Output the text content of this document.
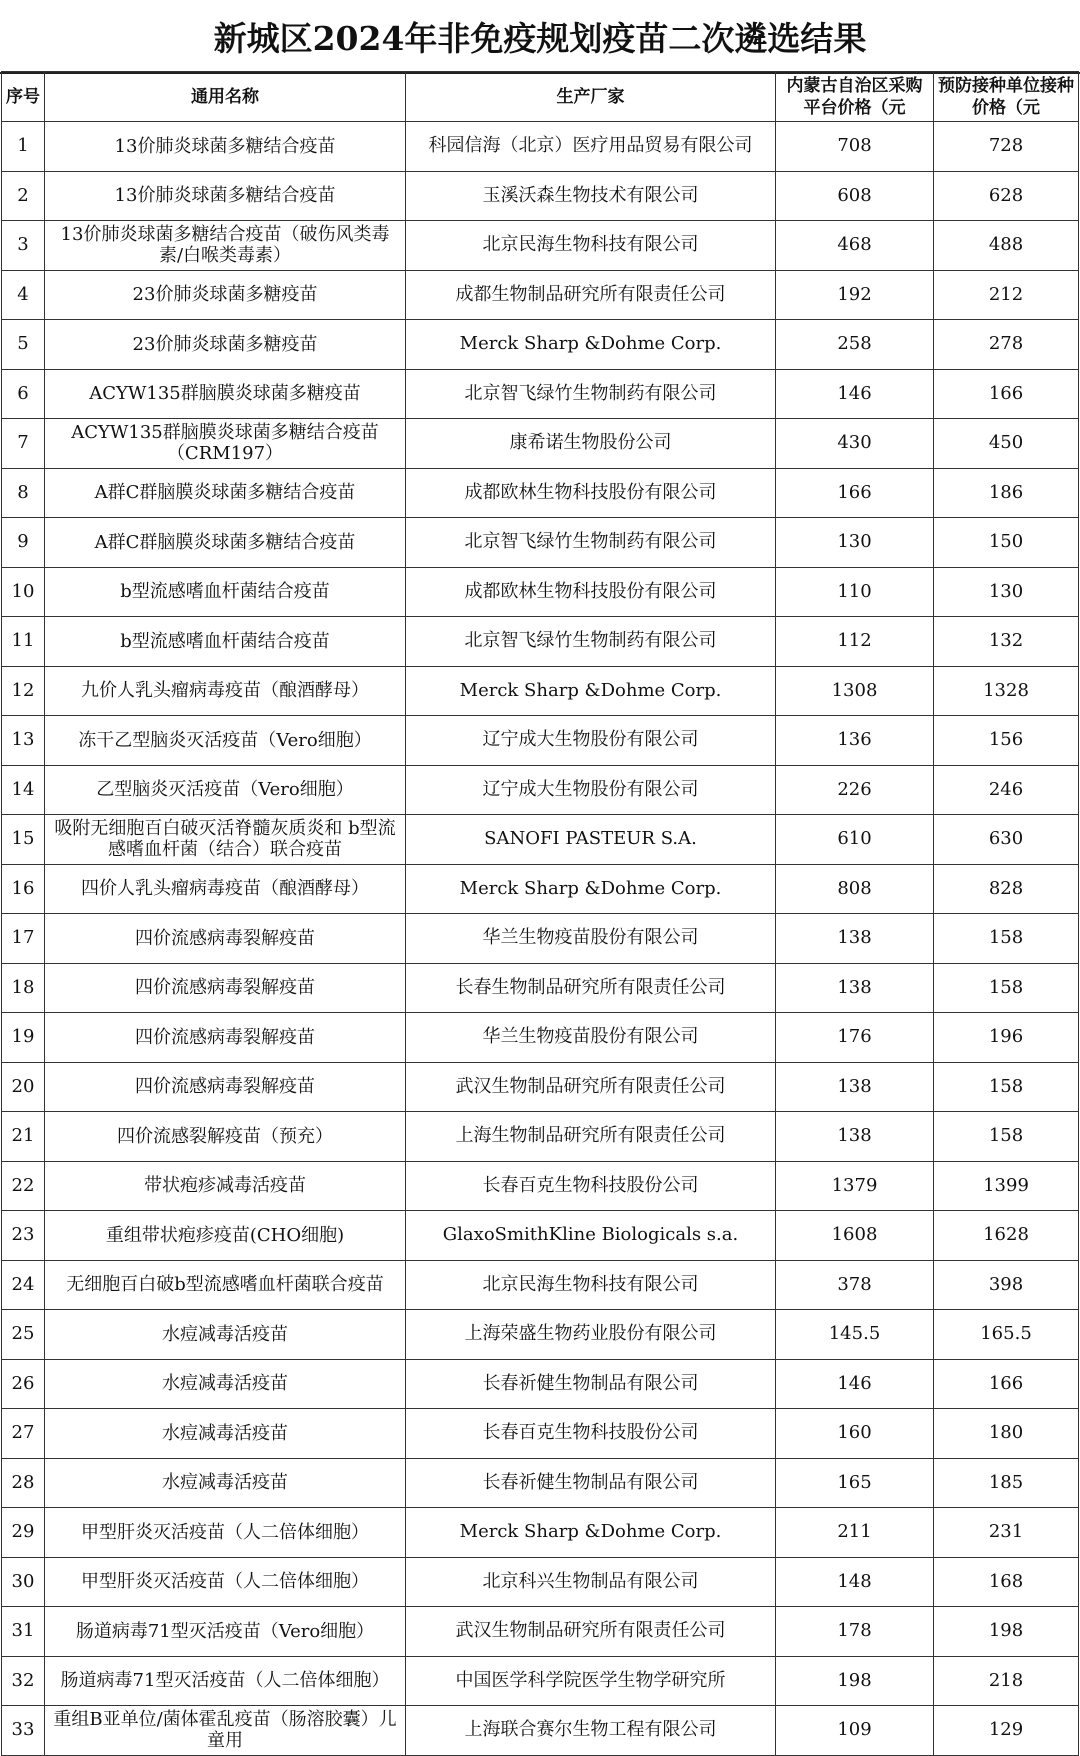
新城区2024年非免疫规划疫苗二次遴选结果
序号	通用名称	生产厂家	内蒙古自治区采购平台价格（元	预防接种单位接种价格（元

1	13价肺炎球菌多糖结合疫苗	科园信海（北京）医疗用品贸易有限公司	708	728

2	13价肺炎球菌多糖结合疫苗	玉溪沃森生物技术有限公司	608	628

3	13价肺炎球菌多糖结合疫苗（破伤风类毒素/白喉类毒素）	北京民海生物科技有限公司	468	488

4	23价肺炎球菌多糖疫苗	成都生物制品研究所有限责任公司	192	212

5	23价肺炎球菌多糖疫苗	Merck Sharp &Dohme Corp.	258	278

6	ACYW135群脑膜炎球菌多糖疫苗	北京智飞绿竹生物制药有限公司	146	166

7	ACYW135群脑膜炎球菌多糖结合疫苗（CRM197）	康希诺生物股份公司	430	450

8	A群C群脑膜炎球菌多糖结合疫苗	成都欧林生物科技股份有限公司	166	186

9	A群C群脑膜炎球菌多糖结合疫苗	北京智飞绿竹生物制药有限公司	130	150

10	b型流感嗜血杆菌结合疫苗	成都欧林生物科技股份有限公司	110	130

11	b型流感嗜血杆菌结合疫苗	北京智飞绿竹生物制药有限公司	112	132

12	九价人乳头瘤病毒疫苗（酿酒酵母）	Merck Sharp &Dohme Corp.	1308	1328

13	冻干乙型脑炎灭活疫苗（Vero细胞）	辽宁成大生物股份有限公司	136	156

14	乙型脑炎灭活疫苗（Vero细胞）	辽宁成大生物股份有限公司	226	246

15	吸附无细胞百白破灭活脊髓灰质炎和 b型流感嗜血杆菌（结合）联合疫苗	SANOFI PASTEUR S.A.	610	630

16	四价人乳头瘤病毒疫苗（酿酒酵母）	Merck Sharp &Dohme Corp.	808	828

17	四价流感病毒裂解疫苗	华兰生物疫苗股份有限公司	138	158

18	四价流感病毒裂解疫苗	长春生物制品研究所有限责任公司	138	158

19	四价流感病毒裂解疫苗	华兰生物疫苗股份有限公司	176	196

20	四价流感病毒裂解疫苗	武汉生物制品研究所有限责任公司	138	158

21	四价流感裂解疫苗（预充）	上海生物制品研究所有限责任公司	138	158

22	带状疱疹减毒活疫苗	长春百克生物科技股份公司	1379	1399

23	重组带状疱疹疫苗(CHO细胞)	GlaxoSmithKline Biologicals s.a.	1608	1628

24	无细胞百白破b型流感嗜血杆菌联合疫苗	北京民海生物科技有限公司	378	398

25	水痘减毒活疫苗	上海荣盛生物药业股份有限公司	145.5	165.5

26	水痘减毒活疫苗	长春祈健生物制品有限公司	146	166

27	水痘减毒活疫苗	长春百克生物科技股份公司	160	180

28	水痘减毒活疫苗	长春祈健生物制品有限公司	165	185

29	甲型肝炎灭活疫苗（人二倍体细胞）	Merck Sharp &Dohme Corp.	211	231

30	甲型肝炎灭活疫苗（人二倍体细胞）	北京科兴生物制品有限公司	148	168

31	肠道病毒71型灭活疫苗（Vero细胞）	武汉生物制品研究所有限责任公司	178	198

32	肠道病毒71型灭活疫苗（人二倍体细胞）	中国医学科学院医学生物学研究所	198	218

33	重组B亚单位/菌体霍乱疫苗（肠溶胶囊）儿童用	上海联合赛尔生物工程有限公司	109	129
